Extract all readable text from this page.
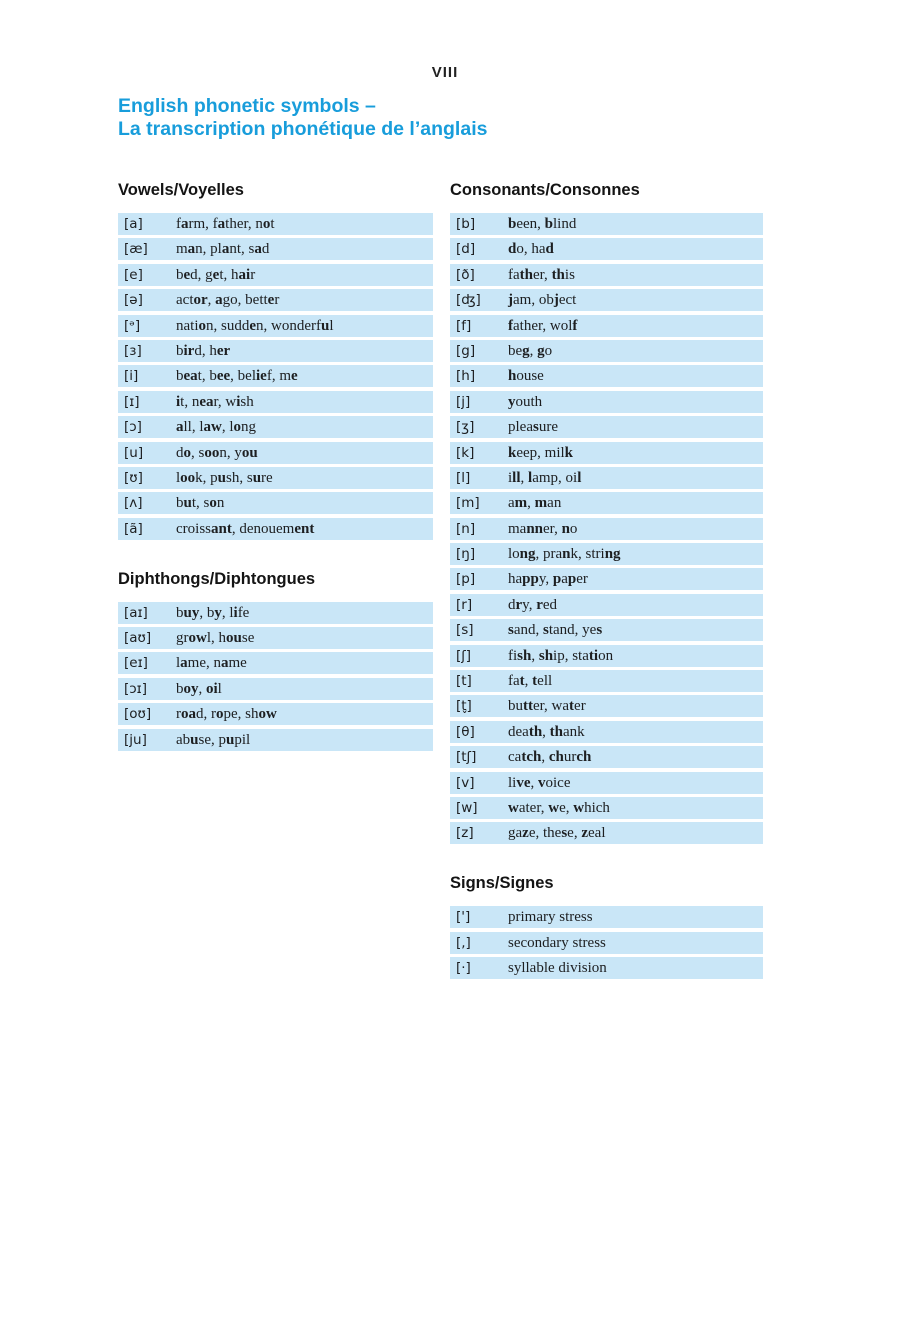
VIII
English phonetic symbols –
La transcription phonétique de l’anglais
Vowels/Voyelles
[a]	farm, father, not
[æ]	man, plant, sad
[e]	bed, get, hair
[ə]	actor, ago, better
[ᵊ]	nation, sudden, wonderful
[ɜ]	bird, her
[i]	beat, bee, belief, me
[ɪ]	it, near, wish
[ɔ]	all, law, long
[u]	do, soon, you
[ʊ]	look, push, sure
[ʌ]	but, son
[ã]	croissant, denouement
Diphthongs/Diphtongues
[aɪ]	buy, by, life
[aʊ]	growl, house
[eɪ]	lame, name
[ɔɪ]	boy, oil
[oʊ]	road, rope, show
[ju]	abuse, pupil
Consonants/Consonnes
[b]	been, blind
[d]	do, had
[ð]	father, this
[ʤ]	jam, object
[f]	father, wolf
[g]	beg, go
[h]	house
[j]	youth
[ʒ]	pleasure
[k]	keep, milk
[l]	ill, lamp, oil
[m]	am, man
[n]	manner, no
[ŋ]	long, prank, string
[p]	happy, paper
[r]	dry, red
[s]	sand, stand, yes
[ʃ]	fish, ship, station
[t]	fat, tell
[t̬]	butter, water
[θ]	death, thank
[tʃ]	catch, church
[v]	live, voice
[w]	water, we, which
[z]	gaze, these, zeal
Signs/Signes
[']	primary stress
[,]	secondary stress
[·]	syllable division
